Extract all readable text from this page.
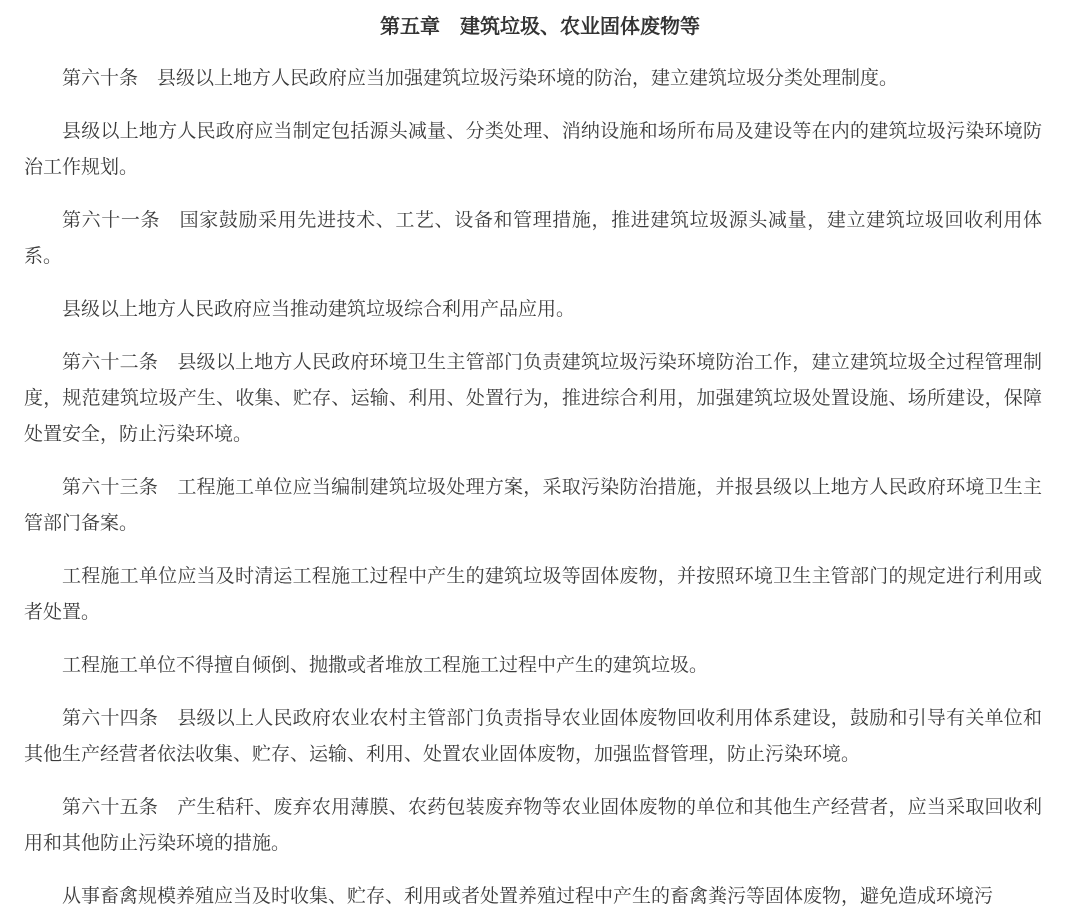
第五章　建筑垃圾、农业固体废物等

第六十条　县级以上地方人民政府应当加强建筑垃圾污染环境的防治，建立建筑垃圾分类处理制度。

县级以上地方人民政府应当制定包括源头减量、分类处理、消纳设施和场所布局及建设等在内的建筑垃圾污染环境防治工作规划。

第六十一条　国家鼓励采用先进技术、工艺、设备和管理措施，推进建筑垃圾源头减量，建立建筑垃圾回收利用体系。

县级以上地方人民政府应当推动建筑垃圾综合利用产品应用。

第六十二条　县级以上地方人民政府环境卫生主管部门负责建筑垃圾污染环境防治工作，建立建筑垃圾全过程管理制度，规范建筑垃圾产生、收集、贮存、运输、利用、处置行为，推进综合利用，加强建筑垃圾处置设施、场所建设，保障处置安全，防止污染环境。

第六十三条　工程施工单位应当编制建筑垃圾处理方案，采取污染防治措施，并报县级以上地方人民政府环境卫生主管部门备案。

工程施工单位应当及时清运工程施工过程中产生的建筑垃圾等固体废物，并按照环境卫生主管部门的规定进行利用或者处置。

工程施工单位不得擅自倾倒、抛撒或者堆放工程施工过程中产生的建筑垃圾。

第六十四条　县级以上人民政府农业农村主管部门负责指导农业固体废物回收利用体系建设，鼓励和引导有关单位和其他生产经营者依法收集、贮存、运输、利用、处置农业固体废物，加强监督管理，防止污染环境。

第六十五条　产生秸秆、废弃农用薄膜、农药包装废弃物等农业固体废物的单位和其他生产经营者，应当采取回收利用和其他防止污染环境的措施。

从事畜禽规模养殖应当及时收集、贮存、利用或者处置养殖过程中产生的畜禽粪污等固体废物，避免造成环境污
